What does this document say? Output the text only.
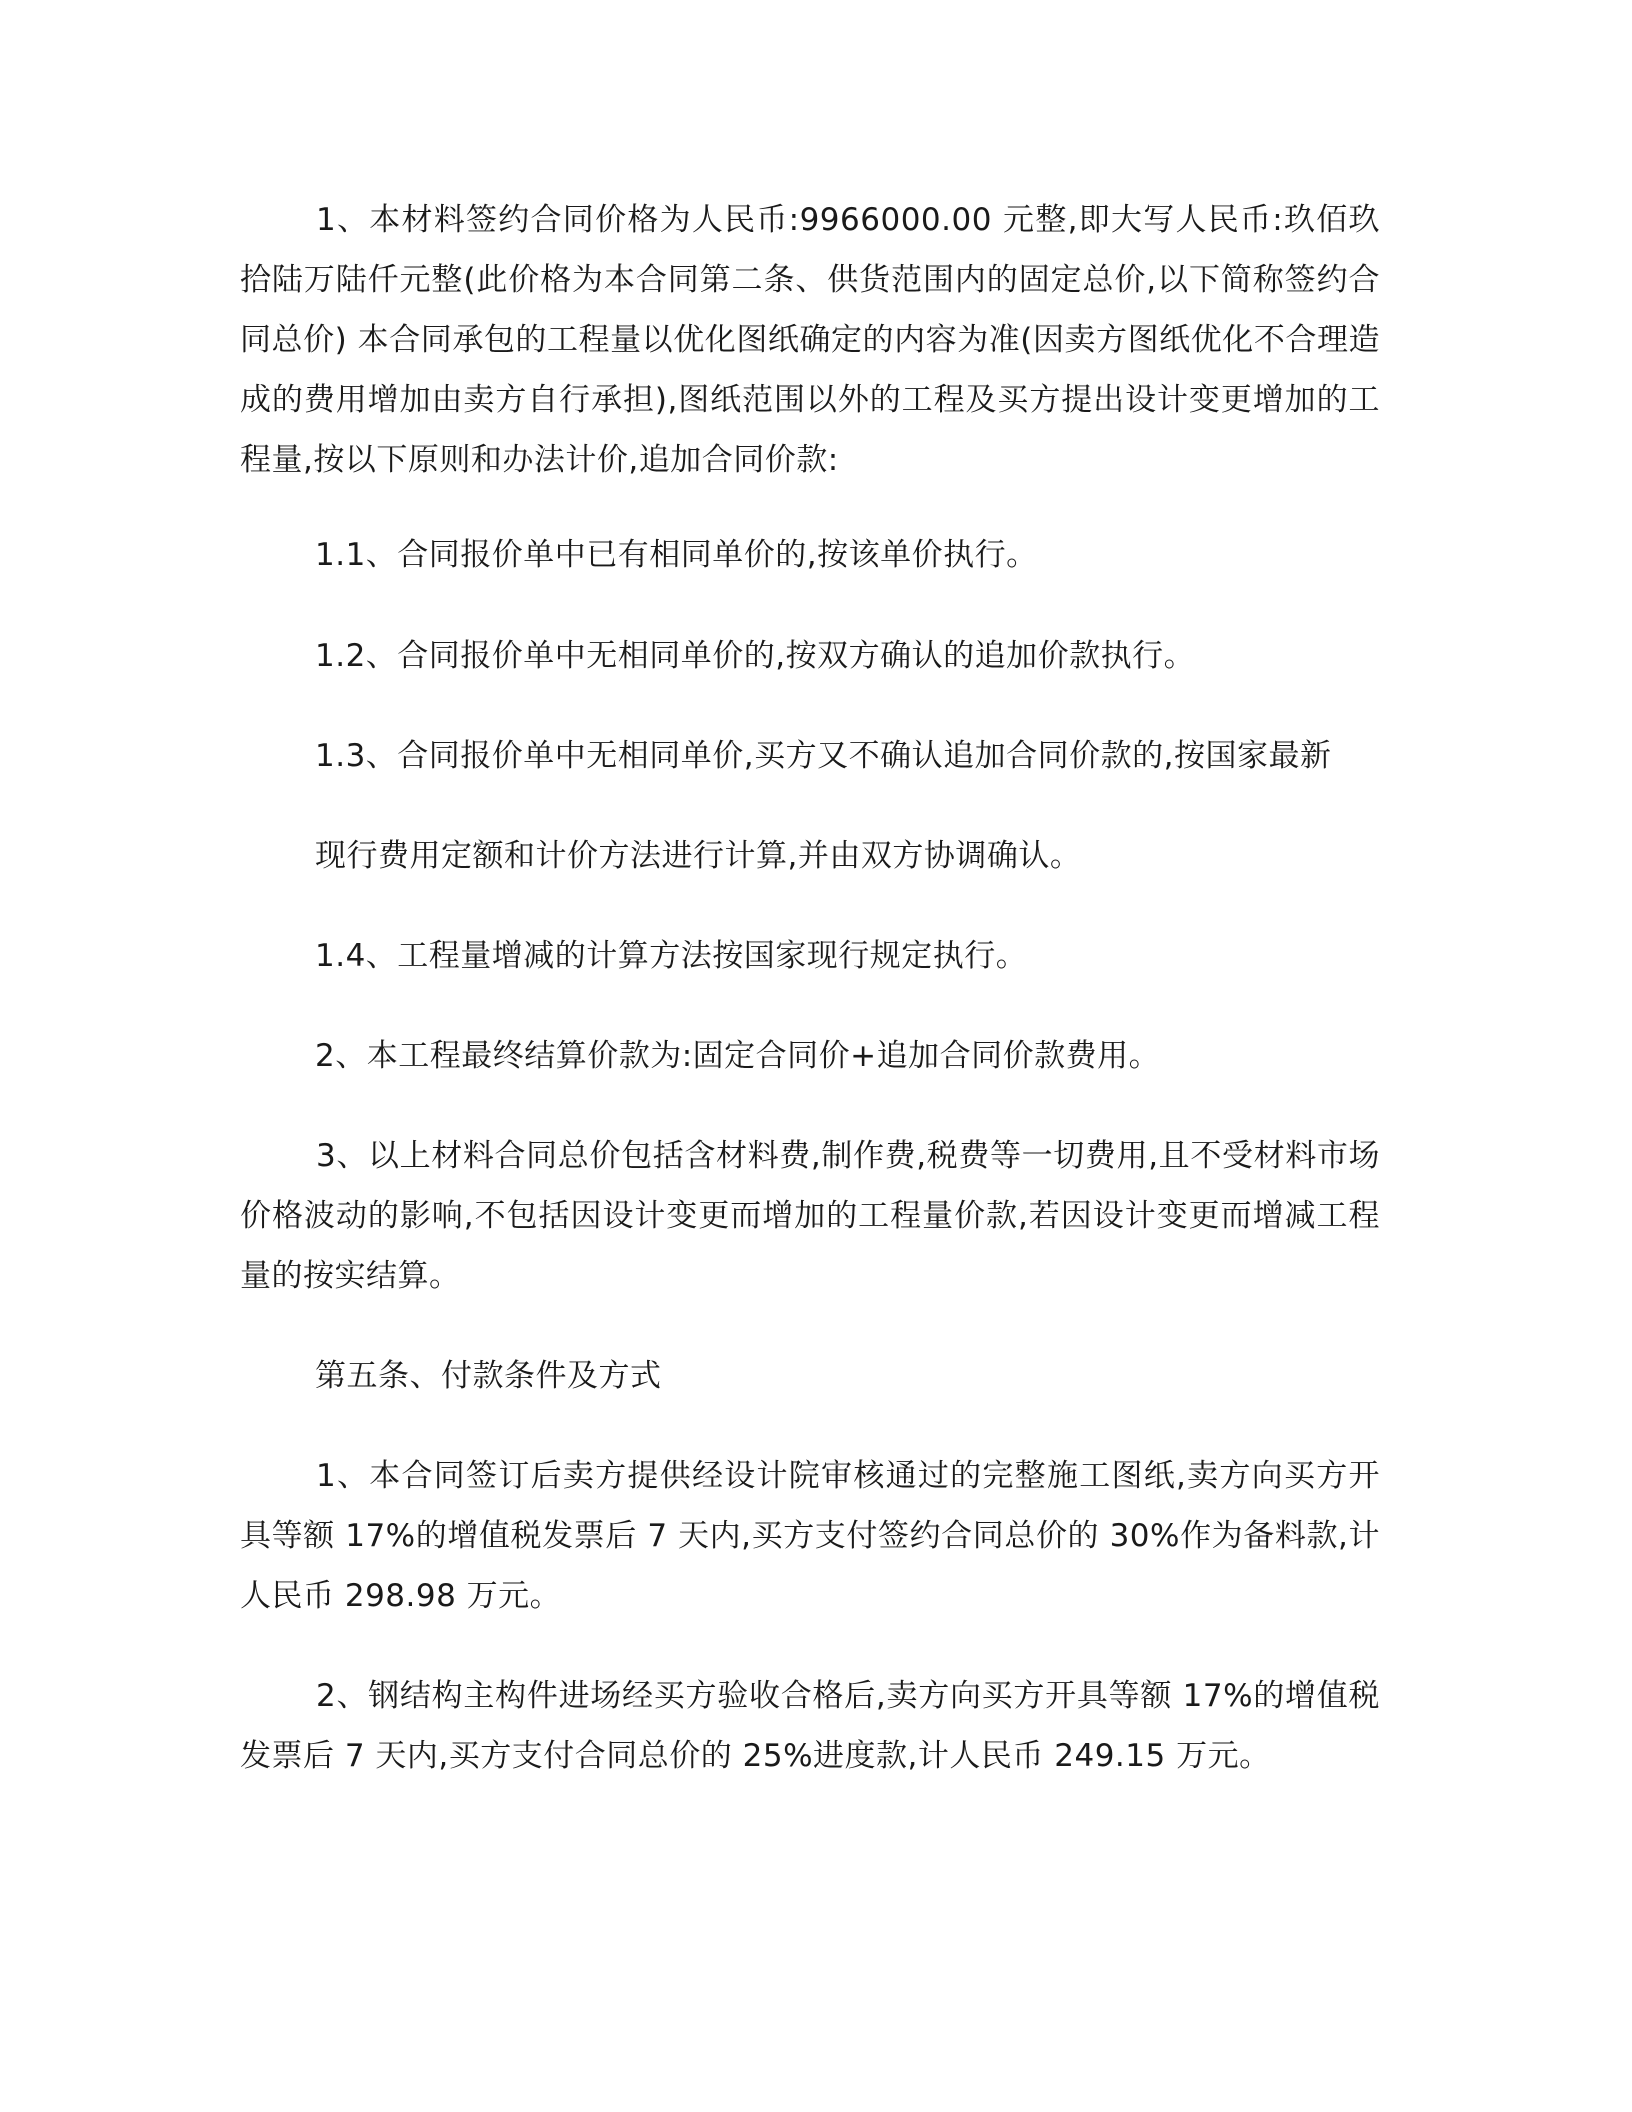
1、本材料签约合同价格为人民币:9966000.00 元整,即大写人民币:玖佰玖拾陆万陆仟元整(此价格为本合同第二条、供货范围内的固定总价,以下简称签约合同总价) 本合同承包的工程量以优化图纸确定的内容为准(因卖方图纸优化不合理造成的费用增加由卖方自行承担),图纸范围以外的工程及买方提出设计变更增加的工程量,按以下原则和办法计价,追加合同价款:

1.1、合同报价单中已有相同单价的,按该单价执行。

1.2、合同报价单中无相同单价的,按双方确认的追加价款执行。

1.3、合同报价单中无相同单价,买方又不确认追加合同价款的,按国家最新

现行费用定额和计价方法进行计算,并由双方协调确认。

1.4、工程量增减的计算方法按国家现行规定执行。

2、本工程最终结算价款为:固定合同价+追加合同价款费用。

3、以上材料合同总价包括含材料费,制作费,税费等一切费用,且不受材料市场价格波动的影响,不包括因设计变更而增加的工程量价款,若因设计变更而增减工程量的按实结算。

第五条、付款条件及方式

1、本合同签订后卖方提供经设计院审核通过的完整施工图纸,卖方向买方开具等额 17%的增值税发票后 7 天内,买方支付签约合同总价的 30%作为备料款,计人民币 298.98 万元。

2、钢结构主构件进场经买方验收合格后,卖方向买方开具等额 17%的增值税发票后 7 天内,买方支付合同总价的 25%进度款,计人民币 249.15 万元。
